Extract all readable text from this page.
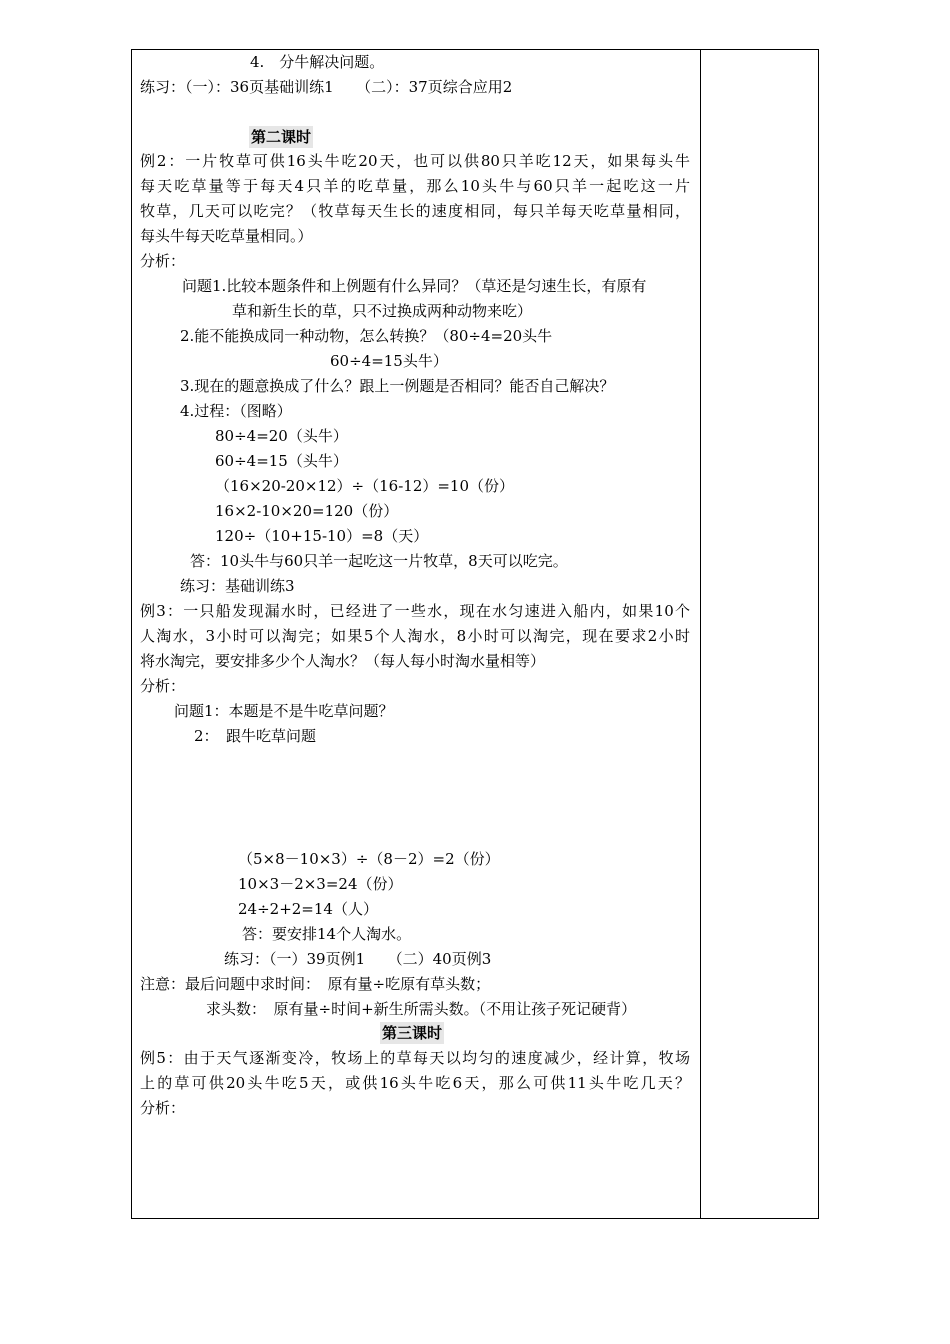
4.　分牛解决问题。
练习：（一）：36页基础训练1　　（二）：37页综合应用2
第二课时
例2：一片牧草可供16头牛吃20天，也可以供80只羊吃12天，如果每头牛
每天吃草量等于每天4只羊的吃草量，那么10头牛与60只羊一起吃这一片
牧草，几天可以吃完？（牧草每天生长的速度相同，每只羊每天吃草量相同，
每头牛每天吃草量相同。）
分析：
问题1.比较本题条件和上例题有什么异同？（草还是匀速生长，有原有
草和新生长的草，只不过换成两种动物来吃）
2.能不能换成同一种动物，怎么转换？（80÷4=20头牛
60÷4=15头牛）
3.现在的题意换成了什么？跟上一例题是否相同？能否自己解决？
4.过程：（图略）
80÷4=20（头牛）
60÷4=15（头牛）
（16×20-20×12）÷（16-12）=10（份）
16×2-10×20=120（份）
120÷（10+15-10）=8（天）
答：10头牛与60只羊一起吃这一片牧草，8天可以吃完。
练习：基础训练3
例3：一只船发现漏水时，已经进了一些水，现在水匀速进入船内，如果10个
人淘水，3小时可以淘完；如果5个人淘水，8小时可以淘完，现在要求2小时
将水淘完，要安排多少个人淘水？（每人每小时淘水量相等）
分析：
问题1：本题是不是牛吃草问题？
2：　跟牛吃草问题
（5×8－10×3）÷（8－2）=2（份）
10×3－2×3=24（份）
24÷2+2=14（人）
答：要安排14个人淘水。
练习：（一）39页例1　　（二）40页例3
注意：最后问题中求时间：　原有量÷吃原有草头数；
求头数：　原有量÷时间+新生所需头数。（不用让孩子死记硬背）
第三课时
例5：由于天气逐渐变冷，牧场上的草每天以均匀的速度减少，经计算，牧场
上的草可供20头牛吃5天，或供16头牛吃6天，那么可供11头牛吃几天？
分析：
